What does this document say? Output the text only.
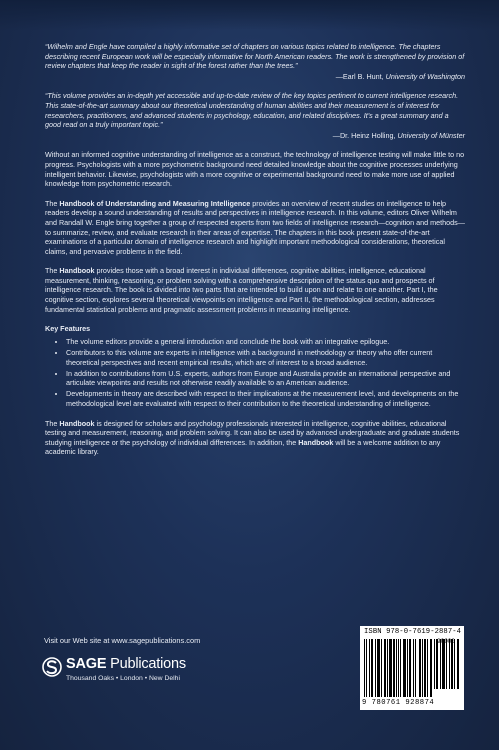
“Wilhelm and Engle have compiled a highly informative set of chapters on various topics related to intelligence. The chapters describing recent European work will be especially informative for North American readers. The work is strengthened by provision of review chapters that keep the reader in sight of the forest rather than the trees.”

—Earl B. Hunt, University of Washington

“This volume provides an in-depth yet accessible and up-to-date review of the key topics pertinent to current intelligence research. This state-of-the-art summary about our theoretical understanding of human abilities and their measurement is of interest for researchers, practitioners, and advanced students in psychology, education, and related disciplines. It’s a great summary and a good read on a truly important topic.”

—Dr. Heinz Holling, University of Münster

Without an informed cognitive understanding of intelligence as a construct, the technology of intelligence testing will make little to no progress. Psychologists with a more psychometric background need detailed knowledge about the cognitive processes underlying intelligent behavior. Likewise, psychologists with a more cognitive or experimental background need to make more use of applied knowledge from psychometric research.

The Handbook of Understanding and Measuring Intelligence provides an overview of recent studies on intelligence to help readers develop a sound understanding of results and perspectives in intelligence research. In this volume, editors Oliver Wilhelm and Randall W. Engle bring together a group of respected experts from two fields of intelligence research—cognition and methods—to summarize, review, and evaluate research in their areas of expertise. The chapters in this book present state-of-the-art examinations of a particular domain of intelligence research and highlight important methodological considerations, theoretical claims, and pervasive problems in the field.

The Handbook provides those with a broad interest in individual differences, cognitive abilities, intelligence, educational measurement, thinking, reasoning, or problem solving with a comprehensive description of the status quo and prospects of intelligence research. The book is divided into two parts that are intended to build upon and relate to one another. Part I, the cognitive section, explores several theoretical viewpoints on intelligence and Part II, the methodological section, addresses fundamental statistical problems and pragmatic assessment problems in measuring intelligence.

Key Features

• The volume editors provide a general introduction and conclude the book with an integrative epilogue.
• Contributors to this volume are experts in intelligence with a background in methodology or theory who offer current theoretical perspectives and recent empirical results, which are of interest to a broad audience.
• In addition to contributions from U.S. experts, authors from Europe and Australia provide an international perspective and articulate viewpoints and results not otherwise readily available to an American audience.
• Developments in theory are described with respect to their implications at the measurement level, and developments on the methodological level are evaluated with respect to their contribution to the theoretical understanding of intelligence.

The Handbook is designed for scholars and psychology professionals interested in intelligence, cognitive abilities, educational testing and measurement, reasoning, and problem solving. It can also be used by advanced undergraduate and graduate students studying intelligence or the psychology of individual differences. In addition, the Handbook will be a welcome addition to any academic library.

Visit our Web site at www.sagepublications.com
SAGE Publications
Thousand Oaks • London • New Delhi
ISBN 978-0-7619-2887-4
90000
9 780761 928874
